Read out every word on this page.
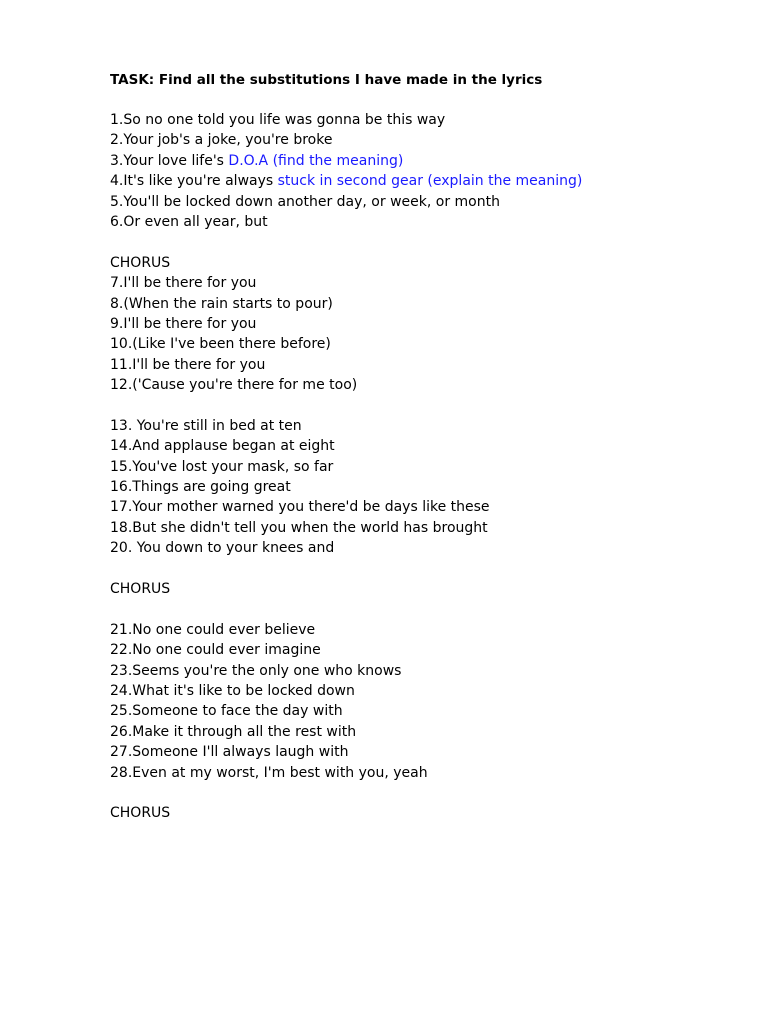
TASK: Find all the substitutions I have made in the lyrics
1.So no one told you life was gonna be this way
2.Your job's a joke, you're broke
3.Your love life's D.O.A (find the meaning)
4.It's like you're always stuck in second gear (explain the meaning)
5.You'll be locked down another day, or week, or month
6.Or even all year, but
CHORUS
7.I'll be there for you
8.(When the rain starts to pour)
9.I'll be there for you
10.(Like I've been there before)
11.I'll be there for you
12.('Cause you're there for me too)
13. You're still in bed at ten
14.And applause began at eight
15.You've lost your mask, so far
16.Things are going great
17.Your mother warned you there'd be days like these
18.But she didn't tell you when the world has brought
20. You down to your knees and
CHORUS
21.No one could ever believe
22.No one could ever imagine
23.Seems you're the only one who knows
24.What it's like to be locked down
25.Someone to face the day with
26.Make it through all the rest with
27.Someone I'll always laugh with
28.Even at my worst, I'm best with you, yeah
CHORUS
